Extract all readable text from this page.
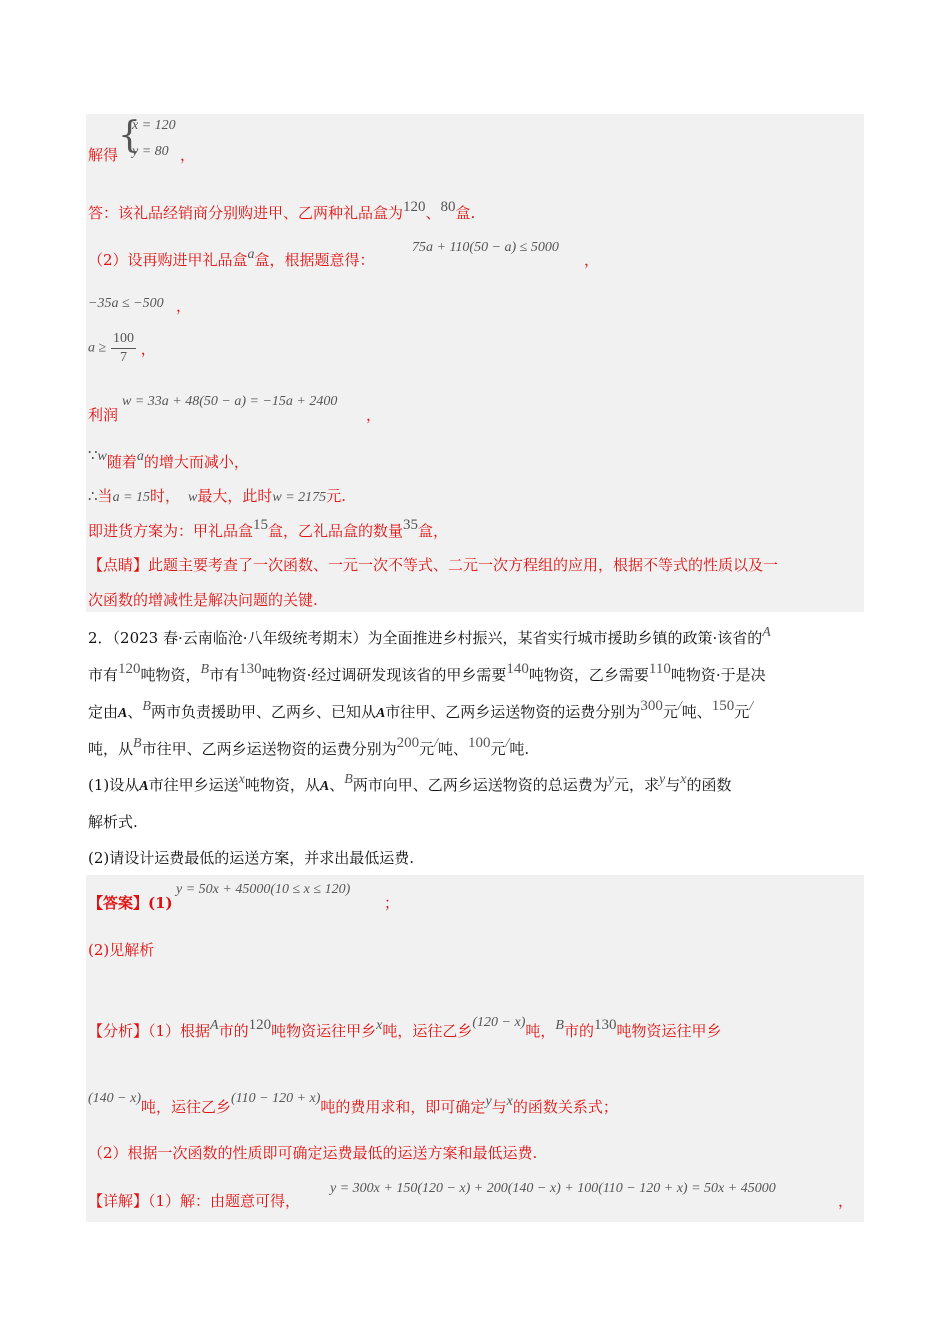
{
x = 120
y = 80
解得	，
答：该礼品经销商分别购进甲、乙两种礼品盒为120、80盒.
（2）设再购进甲礼品盒a盒，根据题意得：
75a + 110(50 − a) ≤ 5000
，
−35a ≤ −500 ，
$a \ge \frac{100}{7}$ ，
利润
w = 33a + 48(50 − a) = −15a + 2400
，
∵w随着a的增大而减小，
∴当a = 15时， w最大，此时w = 2175元.
即进货方案为：甲礼品盒15盒，乙礼品盒的数量35盒，
【点睛】此题主要考查了一次函数、一元一次不等式、二元一次方程组的应用，根据不等式的性质以及一
次函数的增减性是解决问题的关键.
2．（2023 春·云南临沧·八年级统考期末）为全面推进乡村振兴，某省实行城市援助乡镇的政策·该省的A
市有120吨物资，B市有130吨物资·经过调研发现该省的甲乡需要140吨物资，乙乡需要110吨物资·于是决
定由A、B两市负责援助甲、乙两乡、已知从A市往甲、乙两乡运送物资的运费分别为300元/吨、150元/
吨，从B市往甲、乙两乡运送物资的运费分别为200元/吨、100元/吨.
(1)设从A市往甲乡运送x吨物资，从A、B两市向甲、乙两乡运送物资的总运费为y元，求y与x的函数
解析式.
(2)请设计运费最低的运送方案，并求出最低运费.
【答案】(1)
y = 50x + 45000(10 ≤ x ≤ 120)
；
(2)见解析
【分析】（1）根据A市的120吨物资运往甲乡x吨，运往乙乡(120 − x)吨，B市的130吨物资运往甲乡
(140 − x)吨，运往乙乡(110 − 120 + x)吨的费用求和，即可确定y与x的函数关系式；
（2）根据一次函数的性质即可确定运费最低的运送方案和最低运费.
【详解】（1）解：由题意可得，
y = 300x + 150(120 − x) + 200(140 − x) + 100(110 − 120 + x) = 50x + 45000
，
